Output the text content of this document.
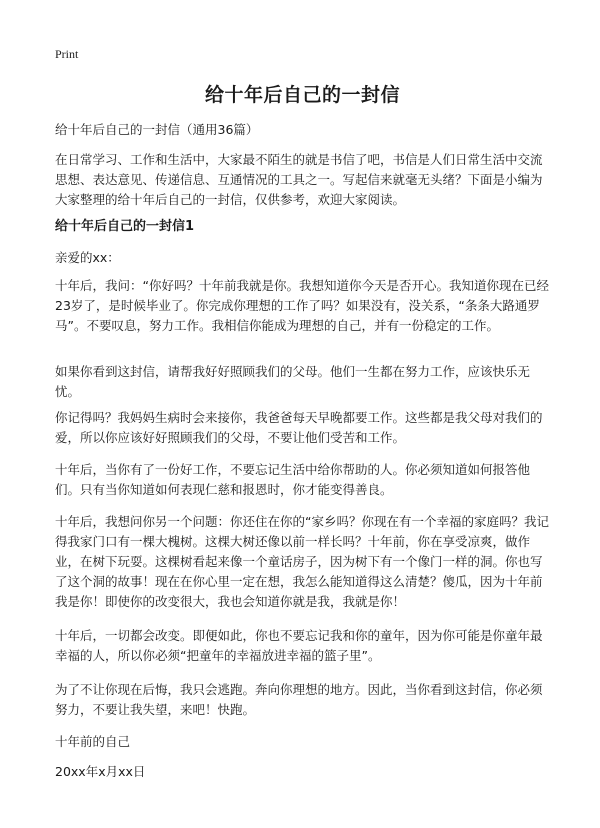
Print
给十年后自己的一封信

给十年后自己的一封信（通用36篇）

在日常学习、工作和生活中，大家最不陌生的就是书信了吧，书信是人们日常生活中交流思想、表达意见、传递信息、互通情况的工具之一。写起信来就毫无头绪？下面是小编为大家整理的给十年后自己的一封信，仅供参考，欢迎大家阅读。

给十年后自己的一封信1

亲爱的xx：

十年后，我问：“你好吗？十年前我就是你。我想知道你今天是否开心。我知道你现在已经23岁了，是时候毕业了。你完成你理想的工作了吗？如果没有，没关系，“条条大路通罗马”。不要叹息，努力工作。我相信你能成为理想的自己，并有一份稳定的工作。

如果你看到这封信，请帮我好好照顾我们的父母。他们一生都在努力工作，应该快乐无忧。

你记得吗？我妈妈生病时会来接你，我爸爸每天早晚都要工作。这些都是我父母对我们的爱，所以你应该好好照顾我们的父母，不要让他们受苦和工作。

十年后，当你有了一份好工作，不要忘记生活中给你帮助的人。你必须知道如何报答他们。只有当你知道如何表现仁慈和报恩时，你才能变得善良。

十年后，我想问你另一个问题：你还住在你的“家乡吗？你现在有一个幸福的家庭吗？我记得我家门口有一棵大槐树。这棵大树还像以前一样长吗？十年前，你在享受凉爽，做作业，在树下玩耍。这棵树看起来像一个童话房子，因为树下有一个像门一样的洞。你也写了这个洞的故事！现在在你心里一定在想，我怎么能知道得这么清楚？傻瓜，因为十年前我是你！即使你的改变很大，我也会知道你就是我，我就是你！

十年后，一切都会改变。即便如此，你也不要忘记我和你的童年，因为你可能是你童年最幸福的人，所以你必须“把童年的幸福放进幸福的篮子里”。

为了不让你现在后悔，我只会逃跑。奔向你理想的地方。因此，当你看到这封信，你必须努力，不要让我失望，来吧！快跑。

十年前的自己

20xx年x月xx日
